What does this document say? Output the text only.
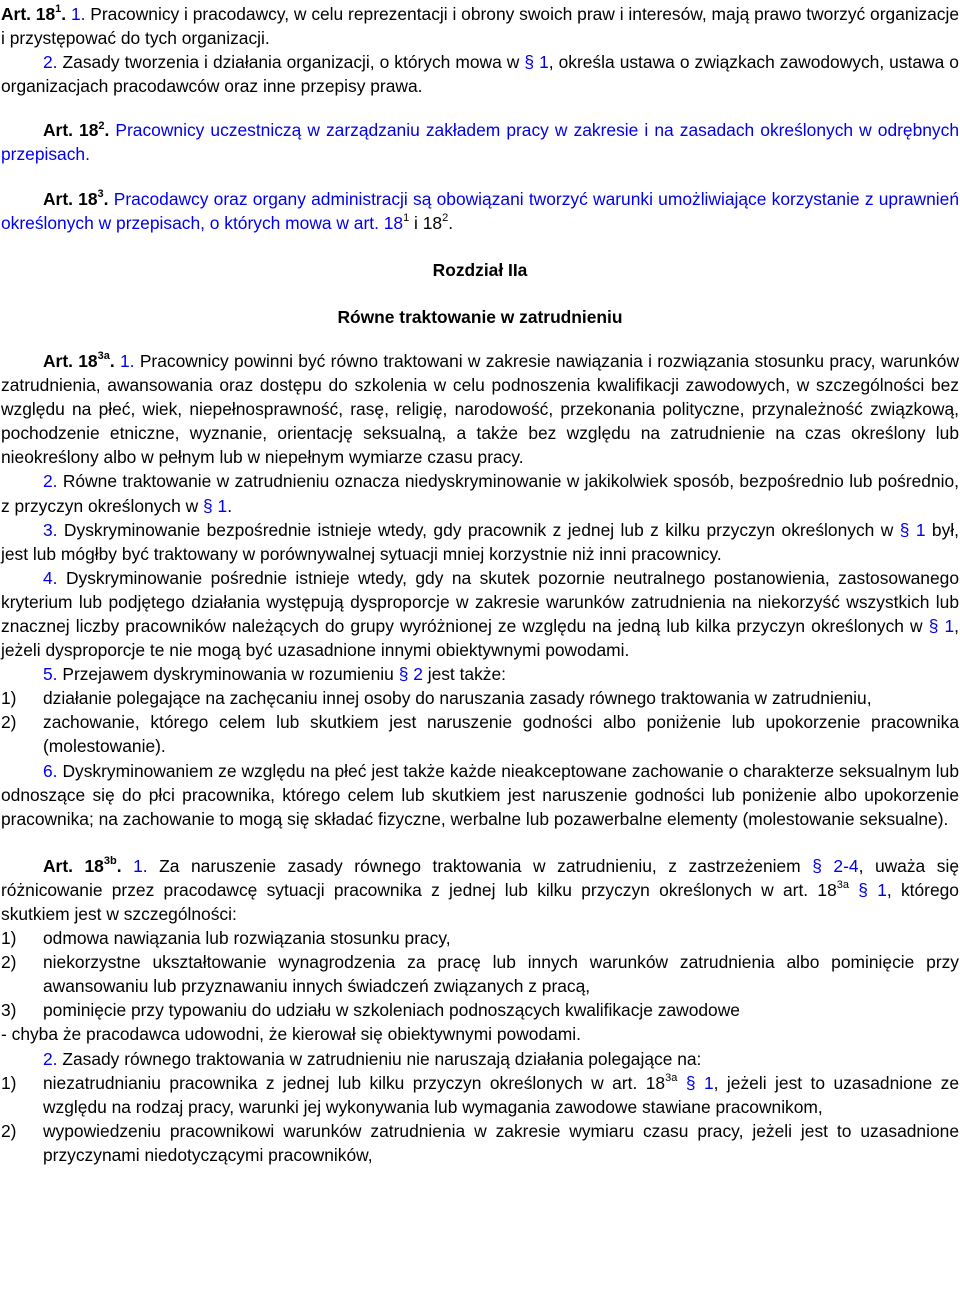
Art. $18^1$. 1. Pracownicy i pracodawcy, w celu reprezentacji i obrony swoich praw i interesów, mają prawo tworzyć organizacje i przystępować do tych organizacji.

2. Zasady tworzenia i działania organizacji, o których mowa w § 1, określa ustawa o związkach zawodowych, ustawa o organizacjach pracodawców oraz inne przepisy prawa.

Art. $18^2$. Pracownicy uczestniczą w zarządzaniu zakładem pracy w zakresie i na zasadach określonych w odrębnych przepisach.

Art. $18^3$. Pracodawcy oraz organy administracji są obowiązani tworzyć warunki umożliwiające korzystanie z uprawnień określonych w przepisach, o których mowa w art. $18^1$ i $18^2$.

Rozdział IIa
Równe traktowanie w zatrudnieniu

Art. $18^{3a}$. 1. Pracownicy powinni być równo traktowani w zakresie nawiązania i rozwiązania stosunku pracy, warunków zatrudnienia, awansowania oraz dostępu do szkolenia w celu podnoszenia kwalifikacji zawodowych, w szczególności bez względu na płeć, wiek, niepełnosprawność, rasę, religię, narodowość, przekonania polityczne, przynależność związkową, pochodzenie etniczne, wyznanie, orientację seksualną, a także bez względu na zatrudnienie na czas określony lub nieokreślony albo w pełnym lub w niepełnym wymiarze czasu pracy.

2. Równe traktowanie w zatrudnieniu oznacza niedyskryminowanie w jakikolwiek sposób, bezpośrednio lub pośrednio, z przyczyn określonych w § 1.

3. Dyskryminowanie bezpośrednie istnieje wtedy, gdy pracownik z jednej lub z kilku przyczyn określonych w § 1 był, jest lub mógłby być traktowany w porównywalnej sytuacji mniej korzystnie niż inni pracownicy.

4. Dyskryminowanie pośrednie istnieje wtedy, gdy na skutek pozornie neutralnego postanowienia, zastosowanego kryterium lub podjętego działania występują dysproporcje w zakresie warunków zatrudnienia na niekorzyść wszystkich lub znacznej liczby pracowników należących do grupy wyróżnionej ze względu na jedną lub kilka przyczyn określonych w § 1, jeżeli dysproporcje te nie mogą być uzasadnione innymi obiektywnymi powodami.

5. Przejawem dyskryminowania w rozumieniu § 2 jest także:

1)	działanie polegające na zachęcaniu innej osoby do naruszania zasady równego traktowania w zatrudnieniu,
2)	zachowanie, którego celem lub skutkiem jest naruszenie godności albo poniżenie lub upokorzenie pracownika (molestowanie).

6. Dyskryminowaniem ze względu na płeć jest także każde nieakceptowane zachowanie o charakterze seksualnym lub odnoszące się do płci pracownika, którego celem lub skutkiem jest naruszenie godności lub poniżenie albo upokorzenie pracownika; na zachowanie to mogą się składać fizyczne, werbalne lub pozawerbalne elementy (molestowanie seksualne).

Art. $18^{3b}$. 1. Za naruszenie zasady równego traktowania w zatrudnieniu, z zastrzeżeniem § 2-4, uważa się różnicowanie przez pracodawcę sytuacji pracownika z jednej lub kilku przyczyn określonych w art. $18^{3a}$ § 1, którego skutkiem jest w szczególności:

1)	odmowa nawiązania lub rozwiązania stosunku pracy,
2)	niekorzystne ukształtowanie wynagrodzenia za pracę lub innych warunków zatrudnienia albo pominięcie przy awansowaniu lub przyznawaniu innych świadczeń związanych z pracą,
3)	pominięcie przy typowaniu do udziału w szkoleniach podnoszących kwalifikacje zawodowe

- chyba że pracodawca udowodni, że kierował się obiektywnymi powodami.

2. Zasady równego traktowania w zatrudnieniu nie naruszają działania polegające na:

1)	niezatrudnianiu pracownika z jednej lub kilku przyczyn określonych w art. $18^{3a}$ § 1, jeżeli jest to uzasadnione ze względu na rodzaj pracy, warunki jej wykonywania lub wymagania zawodowe stawiane pracownikom,
2)	wypowiedzeniu pracownikowi warunków zatrudnienia w zakresie wymiaru czasu pracy, jeżeli jest to uzasadnione przyczynami niedotyczącymi pracowników,
